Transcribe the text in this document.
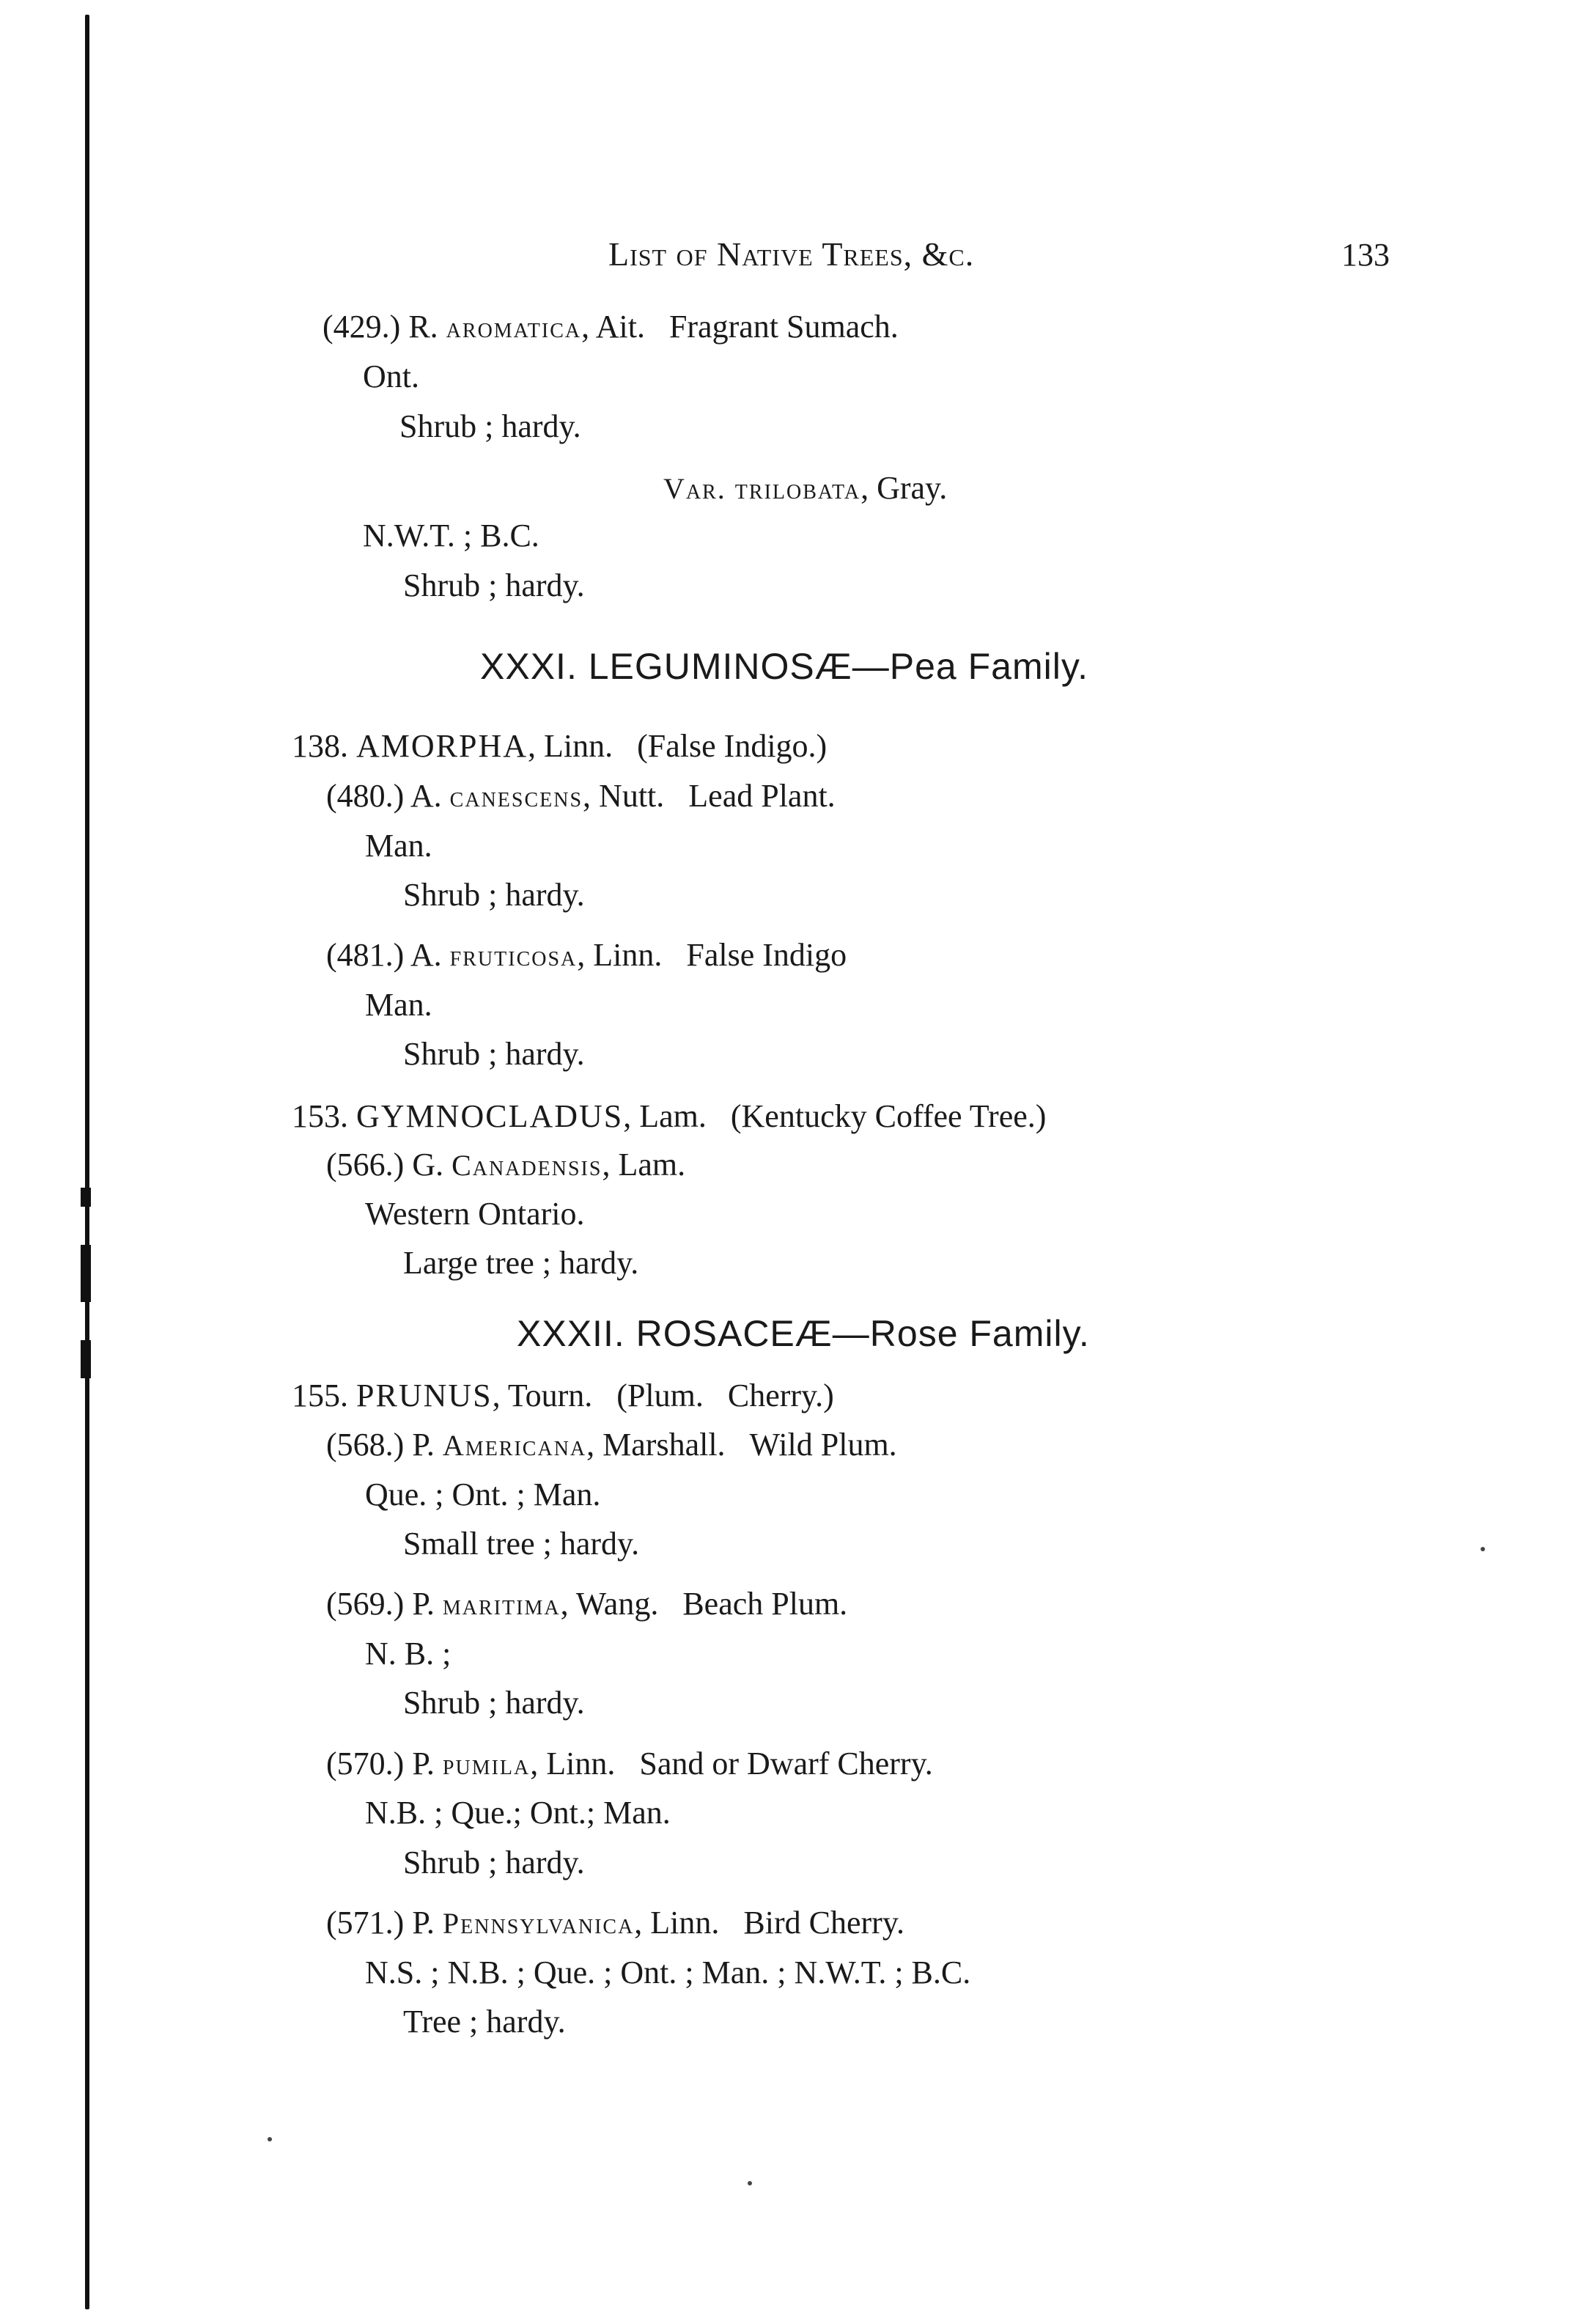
List of Native Trees, &c.	133
(429.) R. aromatica, Ait. Fragrant Sumach.
Ont.
Shrub ; hardy.
Var. trilobata, Gray.
N.W.T. ; B.C.
Shrub ; hardy.
XXXI. LEGUMINOSÆ—Pea Family.
138. AMORPHA, Linn.   (False Indigo.)
(480.) A. canescens, Nutt. Lead Plant.
Man.
Shrub ; hardy.
(481.) A. fruticosa, Linn. False Indigo
Man.
Shrub ; hardy.
153. GYMNOCLADUS, Lam.   (Kentucky Coffee Tree.)
(566.) G. Canadensis, Lam.
Western Ontario.
Large tree ; hardy.
XXXII. ROSACEÆ—Rose Family.
155. PRUNUS, Tourn.   (Plum.   Cherry.)
(568.) P. Americana, Marshall. Wild Plum.
Que. ; Ont. ; Man.
Small tree ; hardy.
(569.) P. maritima, Wang. Beach Plum.
N. B. ;
Shrub ; hardy.
(570.) P. pumila, Linn. Sand or Dwarf Cherry.
N.B. ; Que.; Ont.; Man.
Shrub ; hardy.
(571.) P. Pennsylvanica, Linn. Bird Cherry.
N.S. ; N.B. ; Que. ; Ont. ; Man. ; N.W.T. ; B.C.
Tree ; hardy.
